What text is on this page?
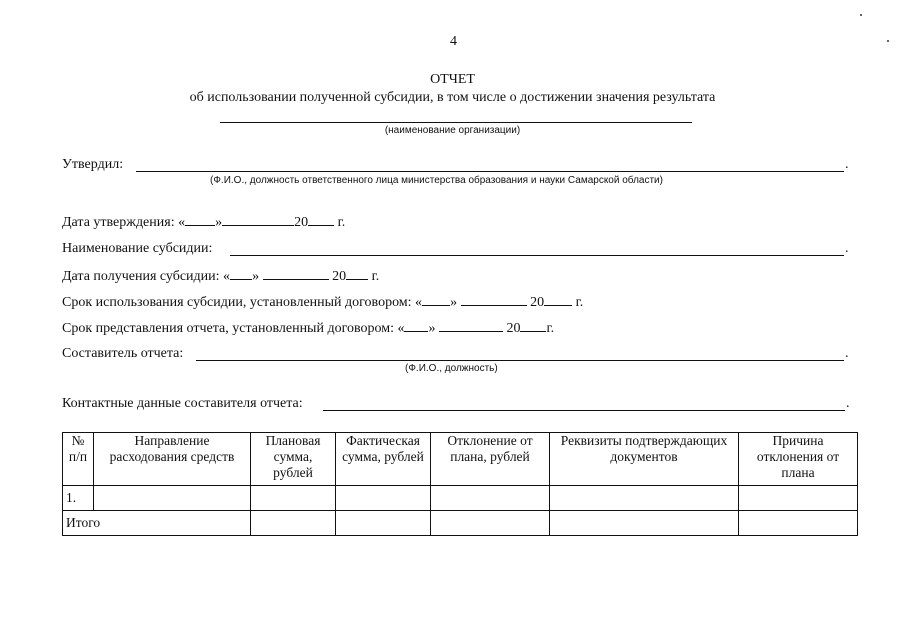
4
ОТЧЕТ
об использовании полученной субсидии, в том числе о достижении значения результата
(наименование организации)
Утвердил:	.
(Ф.И.О., должность ответственного лица министерства образования и науки Самарской области)
Дата утверждения: « »	20 г.
Наименование субсидии:	.
Дата получения субсидии: « »	20 г.
Срок использования субсидии, установленный договором: « »	20 г.
Срок представления отчета, установленный договором: « »	20 г.
Составитель отчета:	.
(Ф.И.О., должность)
Контактные данные составителя отчета:	.
№ п/п	Направление расходования средств	Плановая сумма, рублей	Фактическая сумма, рублей	Отклонение от плана, рублей	Реквизиты подтверждающих документов	Причина отклонения от плана
1.						
Итого						
